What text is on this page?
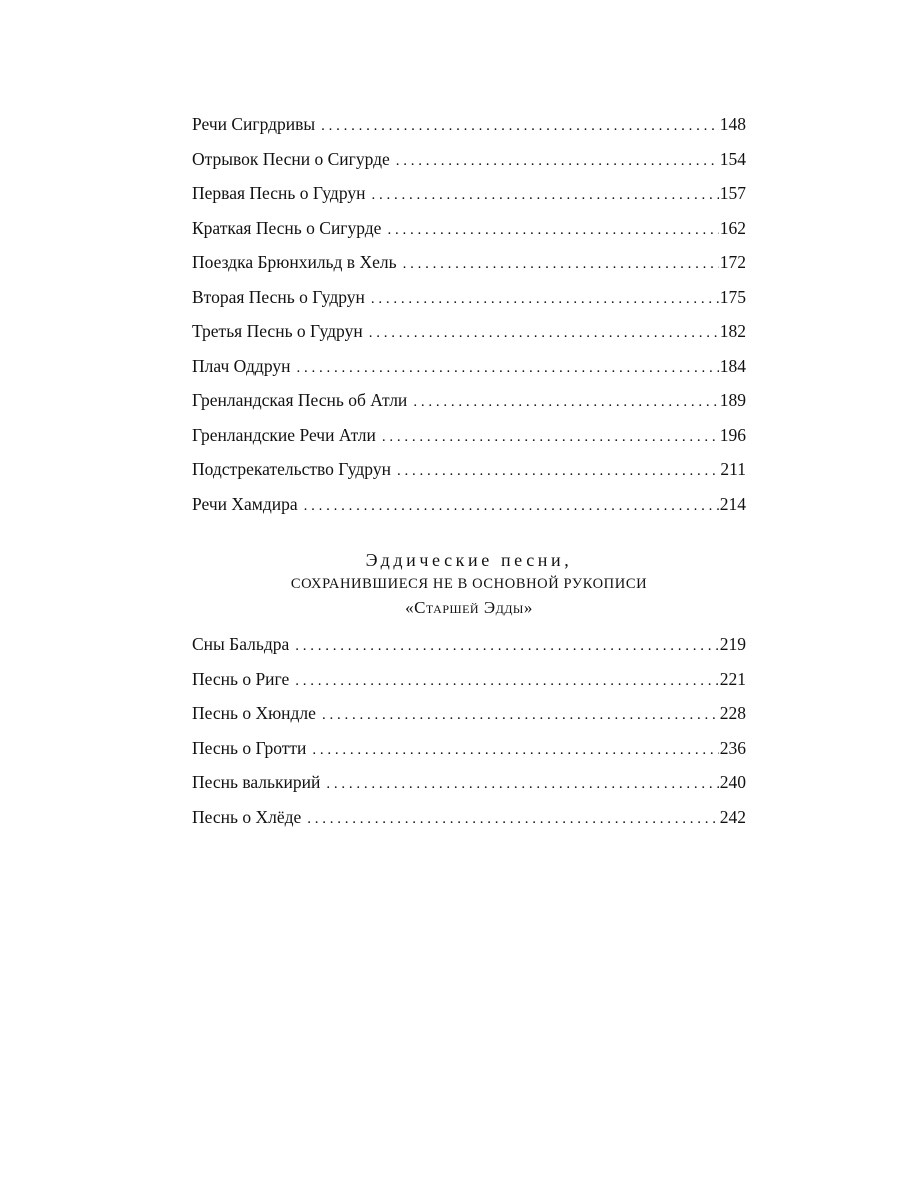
Речи Сигрдривы . . .	148
Отрывок Песни о Сигурде . . .	154
Первая Песнь о Гудрун . . .	157
Краткая Песнь о Сигурде . . .	162
Поездка Брюнхильд в Хель . . .	172
Вторая Песнь о Гудрун . . .	175
Третья Песнь о Гудрун . . .	182
Плач Оддрун . . .	184
Гренландская Песнь об Атли . . .	189
Гренландские Речи Атли . . .	196
Подстрекательство Гудрун . . .	211
Речи Хамдира . . .	214
Эддические песни,
СОХРАНИВШИЕСЯ НЕ В ОСНОВНОЙ РУКОПИСИ
«Старшей Эдды»
Сны Бальдра . . .	219
Песнь о Риге . . .	221
Песнь о Хюндле . . .	228
Песнь о Гротти . . .	236
Песнь валькирий . . .	240
Песнь о Хлёде . . .	242
